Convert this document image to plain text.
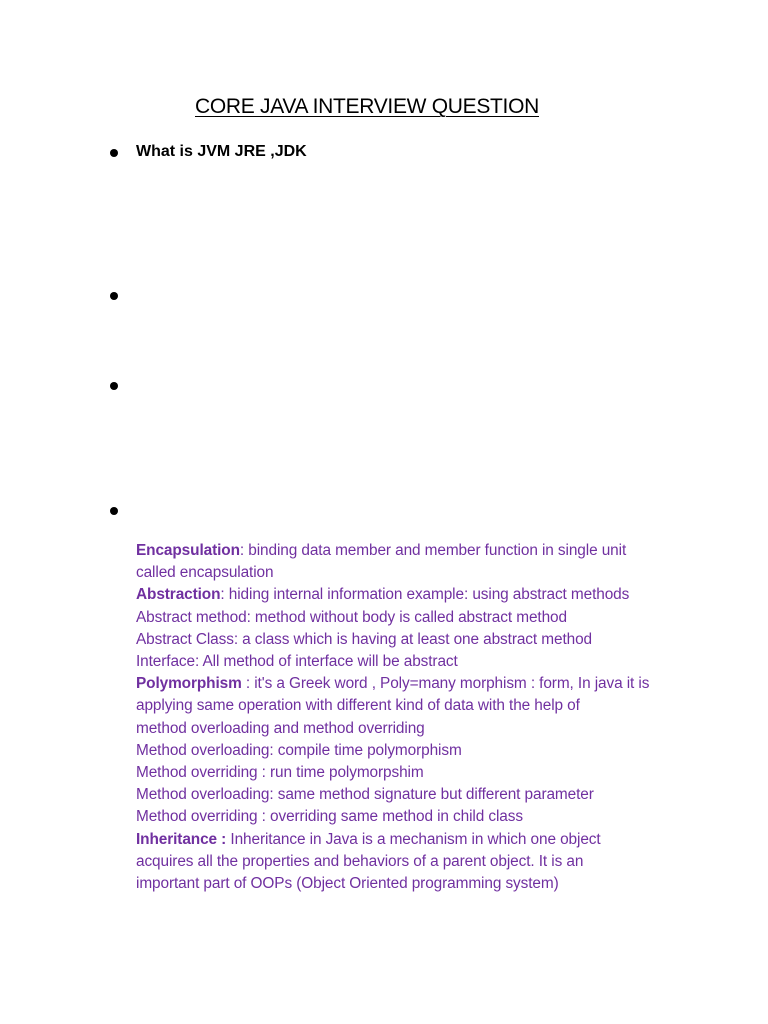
CORE JAVA INTERVIEW QUESTION
What is JVM JRE ,JDK
Encapsulation: binding data member and member function in single unit
called encapsulation
Abstraction: hiding internal information example: using abstract methods
Abstract method: method without body is called abstract method
Abstract Class: a class which is having at least one abstract method
Interface: All method of interface will be abstract
Polymorphism : it's a Greek word , Poly=many morphism : form, In java it is
applying same operation with different kind of data with the help of
method overloading and method overriding
Method overloading: compile time polymorphism
Method overriding : run time polymorpshim
Method overloading: same method signature but different parameter
Method overriding : overriding same method in child class
Inheritance : Inheritance in Java is a mechanism in which one object
acquires all the properties and behaviors of a parent object. It is an
important part of OOPs (Object Oriented programming system)
